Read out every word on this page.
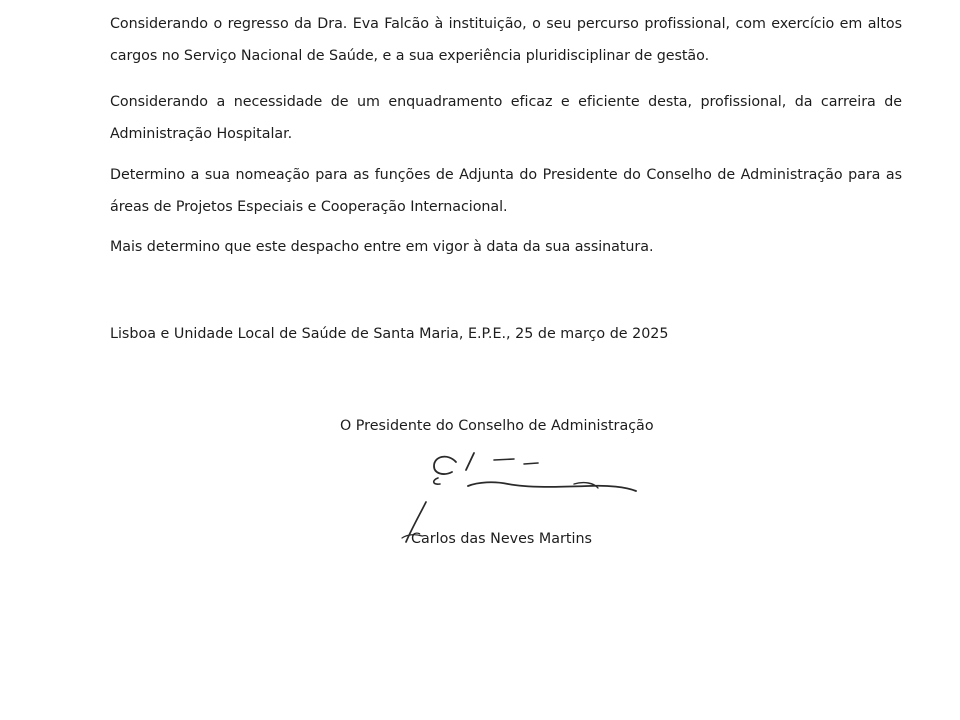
Considerando o regresso da Dra. Eva Falcão à instituição, o seu percurso profissional, com exercício em altos cargos no Serviço Nacional de Saúde, e a sua experiência pluridisciplinar de gestão.

Considerando a necessidade de um enquadramento eficaz e eficiente desta, profissional, da carreira de Administração Hospitalar.

Determino a sua nomeação para as funções de Adjunta do Presidente do Conselho de Administração para as áreas de Projetos Especiais e Cooperação Internacional.

Mais determino que este despacho entre em vigor à data da sua assinatura.

Lisboa e Unidade Local de Saúde de Santa Maria, E.P.E., 25 de março de 2025

O Presidente do Conselho de Administração

Carlos das Neves Martins
